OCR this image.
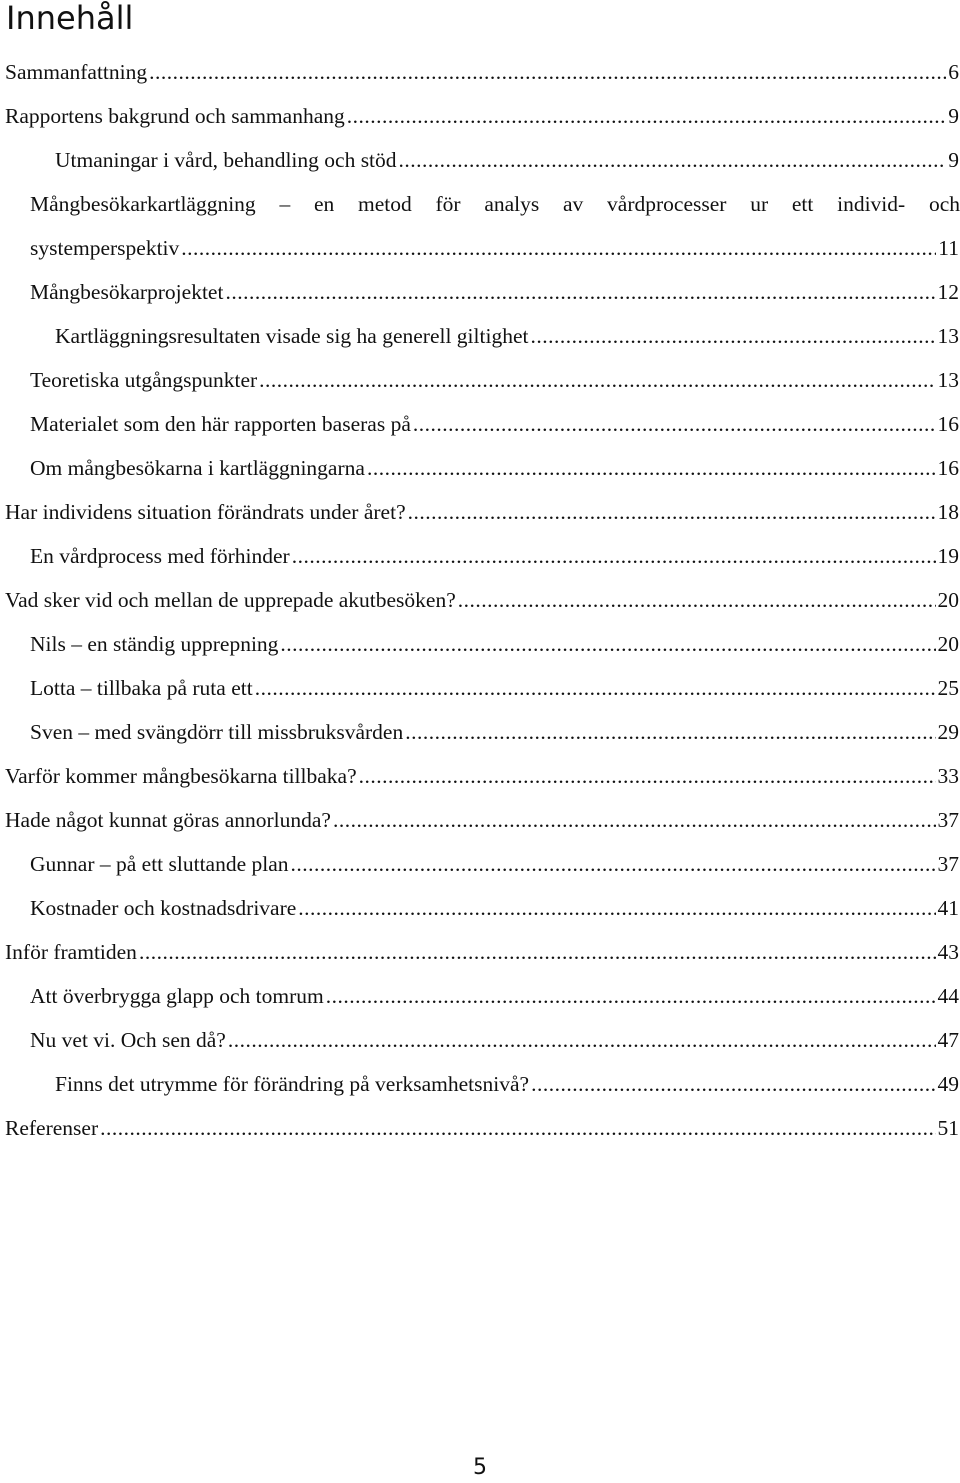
Innehåll
Sammanfattning .....	6
Rapportens bakgrund och sammanhang .....	9
Utmaningar i vård, behandling och stöd .....	9
Mångbesökarkartläggning – en metod för analys av vårdprocesser ur ett individ- och
systemperspektiv .....	11
Mångbesökarprojektet .....	12
Kartläggningsresultaten visade sig ha generell giltighet .....	13
Teoretiska utgångspunkter .....	13
Materialet som den här rapporten baseras på .....	16
Om mångbesökarna i kartläggningarna .....	16
Har individens situation förändrats under året? .....	18
En vårdprocess med förhinder .....	19
Vad sker vid och mellan de upprepade akutbesöken? .....	20
Nils – en ständig upprepning .....	20
Lotta – tillbaka på ruta ett .....	25
Sven – med svängdörr till missbruksvården .....	29
Varför kommer mångbesökarna tillbaka? .....	33
Hade något kunnat göras annorlunda? .....	37
Gunnar – på ett sluttande plan .....	37
Kostnader och kostnadsdrivare .....	41
Inför framtiden .....	43
Att överbrygga glapp och tomrum .....	44
Nu vet vi. Och sen då? .....	47
Finns det utrymme för förändring på verksamhetsnivå? .....	49
Referenser .....	51

5
